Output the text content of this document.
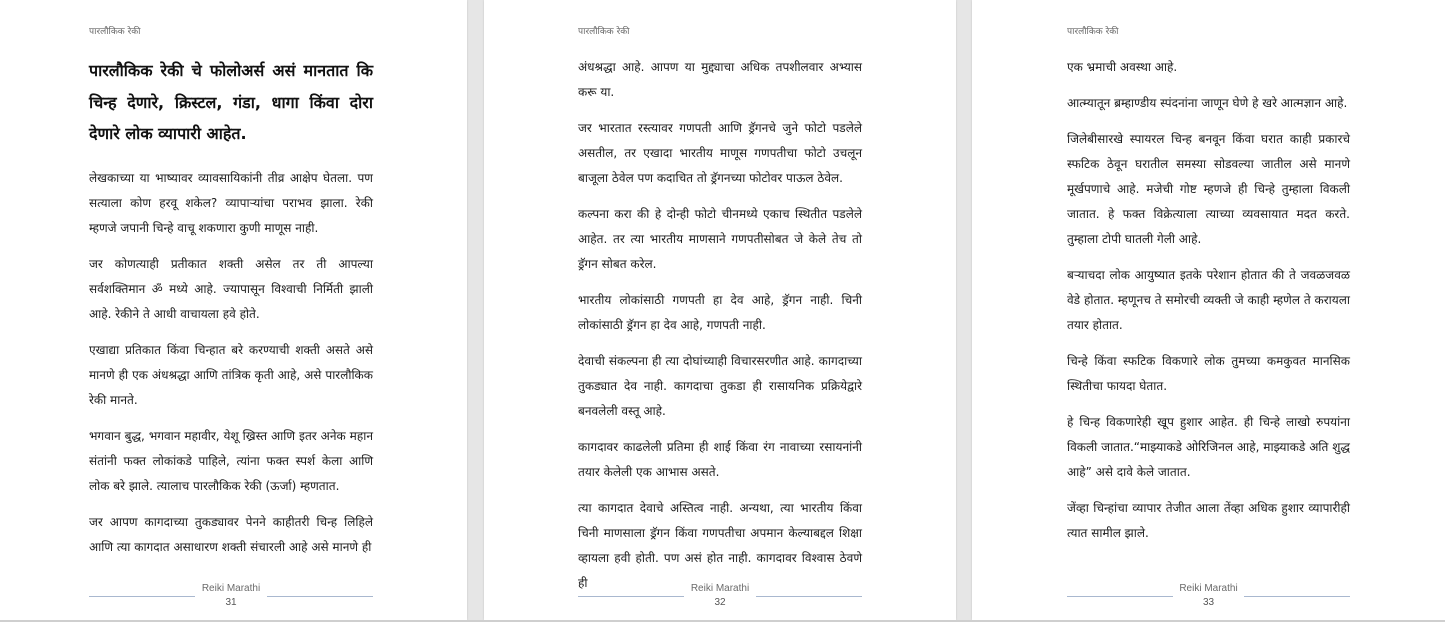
पारलौकिक रेकी

पारलौकिक रेकी चे फोलोअर्स असं मानतात कि चिन्ह देणारे, क्रिस्टल, गंडा, धागा किंवा दोरा देणारे लोक व्यापारी आहेत.

लेखकाच्या या भाष्यावर व्यावसायिकांनी तीव्र आक्षेप घेतला. पण सत्याला कोण हरवू शकेल? व्यापाऱ्यांचा पराभव झाला. रेकी म्हणजे जपानी चिन्हे वाचू शकणारा कुणी माणूस नाही.

जर कोणत्याही प्रतीकात शक्ती असेल तर ती आपल्या सर्वशक्तिमान ॐ मध्ये आहे. ज्यापासून विश्वाची निर्मिती झाली आहे. रेकीने ते आधी वाचायला हवे होते.

एखाद्या प्रतिकात किंवा चिन्हात बरे करण्याची शक्ती असते असे मानणे ही एक अंधश्रद्धा आणि तांत्रिक कृती आहे, असे पारलौकिक रेकी मानते.

भगवान बुद्ध, भगवान महावीर, येशू ख्रिस्त आणि इतर अनेक महान संतांनी फक्त लोकांकडे पाहिले, त्यांना फक्त स्पर्श केला आणि लोक बरे झाले. त्यालाच पारलौकिक रेकी (ऊर्जा) म्हणतात.

जर आपण कागदाच्या तुकड्यावर पेनने काहीतरी चिन्ह लिहिले आणि त्या कागदात असाधारण शक्ती संचारली आहे असे मानणे ही

Reiki Marathi
31
पारलौकिक रेकी

अंधश्रद्धा आहे. आपण या मुद्द्याचा अधिक तपशीलवार अभ्यास करू या.

जर भारतात रस्त्यावर गणपती आणि ड्रॅगनचे जुने फोटो पडलेले असतील, तर एखादा भारतीय माणूस गणपतीचा फोटो उचलून बाजूला ठेवेल पण कदाचित तो ड्रॅगनच्या फोटोवर पाऊल ठेवेल.

कल्पना करा की हे दोन्ही फोटो चीनमध्ये एकाच स्थितीत पडलेले आहेत. तर त्या भारतीय माणसाने गणपतीसोबत जे केले तेच तो ड्रॅगन सोबत करेल.

भारतीय लोकांसाठी गणपती हा देव आहे, ड्रॅगन नाही. चिनी लोकांसाठी ड्रॅगन हा देव आहे, गणपती नाही.

देवाची संकल्पना ही त्या दोघांच्याही विचारसरणीत आहे. कागदाच्या तुकड्यात देव नाही. कागदाचा तुकडा ही रासायनिक प्रक्रियेद्वारे बनवलेली वस्तू आहे.

कागदावर काढलेली प्रतिमा ही शाई किंवा रंग नावाच्या रसायनांनी तयार केलेली एक आभास असते.

त्या कागदात देवाचे अस्तित्व नाही. अन्यथा, त्या भारतीय किंवा चिनी माणसाला ड्रॅगन किंवा गणपतीचा अपमान केल्याबद्दल शिक्षा व्हायला हवी होती. पण असं होत नाही. कागदावर विश्वास ठेवणे ही	Reiki Marathi
32
पारलौकिक रेकी

एक भ्रमाची अवस्था आहे.

आत्म्यातून ब्रम्हाण्डीय स्पंदनांना जाणून घेणे हे खरे आत्मज्ञान आहे.

जिलेबीसारखे स्पायरल चिन्ह बनवून किंवा घरात काही प्रकारचे स्फटिक ठेवून घरातील समस्या सोडवल्या जातील असे मानणे मूर्खपणाचे आहे. मजेची गोष्ट म्हणजे ही चिन्हे तुम्हाला विकली जातात. हे फक्त विक्रेत्याला त्याच्या व्यवसायात मदत करते. तुम्हाला टोपी घातली गेली आहे.

बऱ्याचदा लोक आयुष्यात इतके परेशान होतात की ते जवळजवळ वेडे होतात. म्हणूनच ते समोरची व्यक्ती जे काही म्हणेल ते करायला तयार होतात.

चिन्हे किंवा स्फटिक विकणारे लोक तुमच्या कमकुवत मानसिक स्थितीचा फायदा घेतात.

हे चिन्ह विकणारेही खूप हुशार आहेत. ही चिन्हे लाखो रुपयांना विकली जातात.“माझ्याकडे ओरिजिनल आहे, माझ्याकडे अति शुद्ध आहे” असे दावे केले जातात.

जेंव्हा चिन्हांचा व्यापार तेजीत आला तेंव्हा अधिक हुशार व्यापारीही त्यात सामील झाले.

Reiki Marathi
33
